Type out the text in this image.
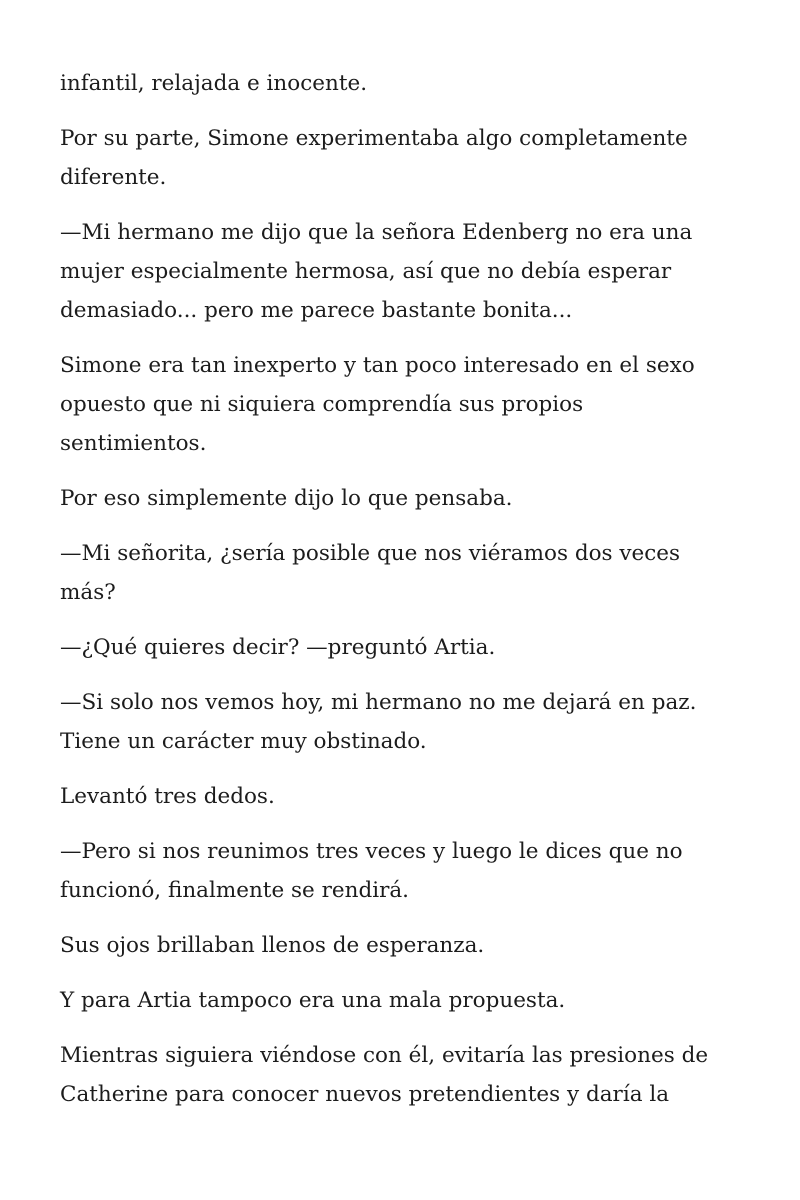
infantil, relajada e inocente.

Por su parte, Simone experimentaba algo completamente
diferente.

—Mi hermano me dijo que la señora Edenberg no era una
mujer especialmente hermosa, así que no debía esperar
demasiado... pero me parece bastante bonita...

Simone era tan inexperto y tan poco interesado en el sexo
opuesto que ni siquiera comprendía sus propios
sentimientos.

Por eso simplemente dijo lo que pensaba.

—Mi señorita, ¿sería posible que nos viéramos dos veces
más?

—¿Qué quieres decir? —preguntó Artia.

—Si solo nos vemos hoy, mi hermano no me dejará en paz.
Tiene un carácter muy obstinado.

Levantó tres dedos.

—Pero si nos reunimos tres veces y luego le dices que no
funcionó, finalmente se rendirá.

Sus ojos brillaban llenos de esperanza.

Y para Artia tampoco era una mala propuesta.

Mientras siguiera viéndose con él, evitaría las presiones de
Catherine para conocer nuevos pretendientes y daría la
